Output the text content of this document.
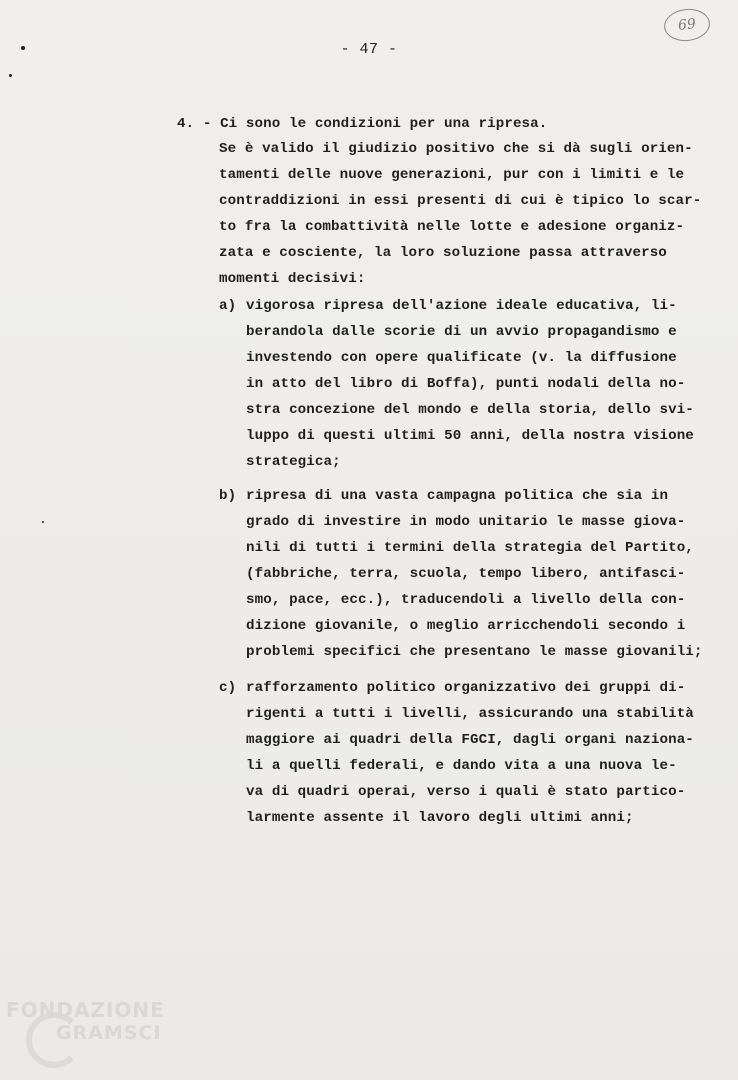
- 47 -
69
4. - Ci sono le condizioni per una ripresa.
Se è valido il giudizio positivo che si dà sugli orien-
tamenti delle nuove generazioni, pur con i limiti e le
contraddizioni in essi presenti di cui è tipico lo scar-
to fra la combattività nelle lotte e adesione organiz-
zata e cosciente, la loro soluzione passa attraverso
momenti decisivi:
a) vigorosa ripresa dell'azione ideale educativa, li-
berandola dalle scorie di un avvio propagandismo e
investendo con opere qualificate (v. la diffusione
in atto del libro di Boffa), punti nodali della no-
stra concezione del mondo e della storia, dello svi-
luppo di questi ultimi 50 anni, della nostra visione
strategica;
b) ripresa di una vasta campagna politica che sia in
grado di investire in modo unitario le masse giova-
nili di tutti i termini della strategia del Partito,
(fabbriche, terra, scuola, tempo libero, antifasci-
smo, pace, ecc.), traducendoli a livello della con-
dizione giovanile, o meglio arricchendoli secondo i
problemi specifici che presentano le masse giovanili;
c) rafforzamento politico organizzativo dei gruppi di-
rigenti a tutti i livelli, assicurando una stabilità
maggiore ai quadri della FGCI, dagli organi naziona-
li a quelli federali, e dando vita a una nuova le-
va di quadri operai, verso i quali è stato partico-
larmente assente il lavoro degli ultimi anni;
FONDAZIONE
GRAMSCI
